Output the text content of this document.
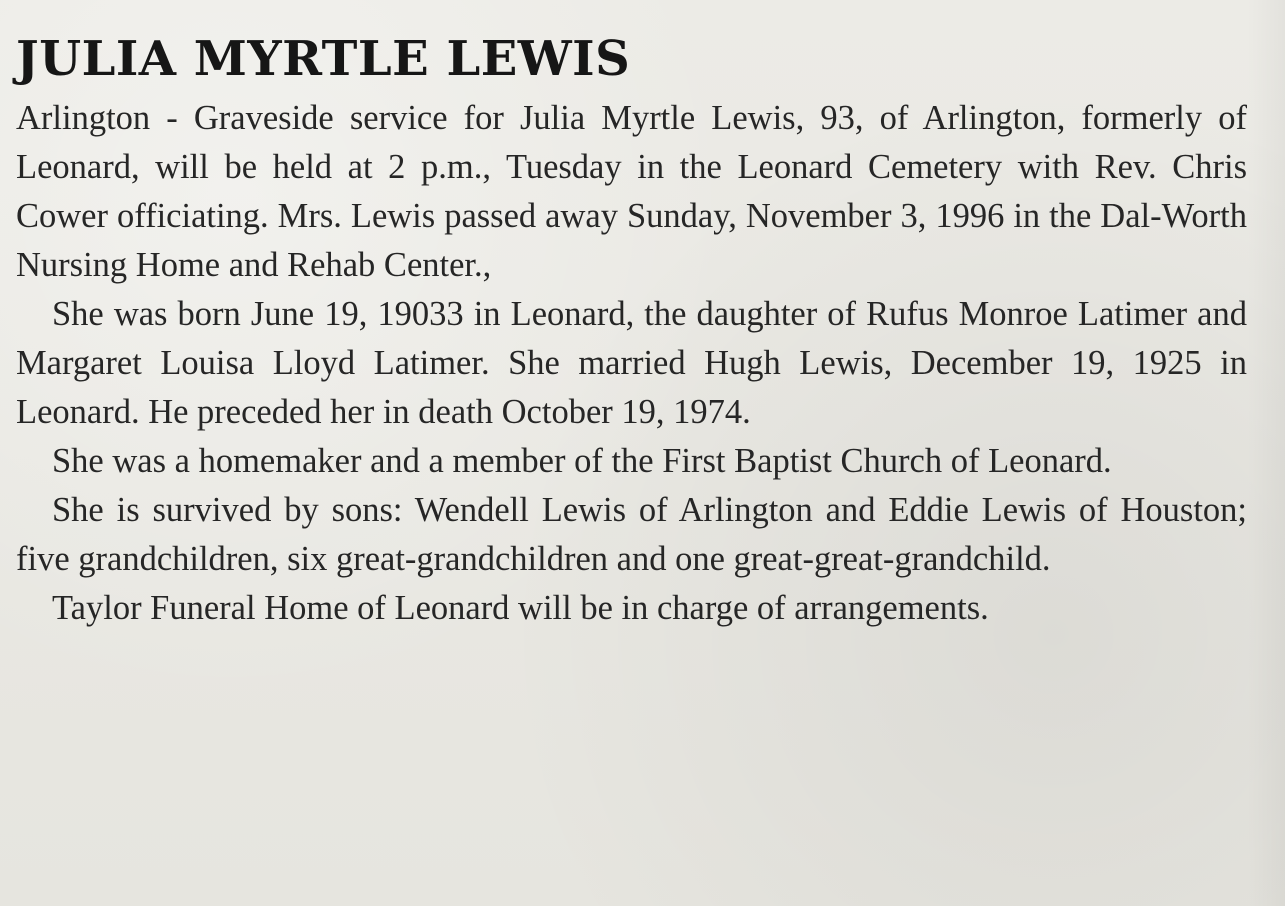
JULIA MYRTLE LEWIS

Arlington - Graveside service for Julia Myrtle Lewis, 93, of Arlington, formerly of Leonard, will be held at 2 p.m., Tuesday in the Leonard Cemetery with Rev. Chris Cower officiating. Mrs. Lewis passed away Sunday, November 3, 1996 in the Dal-Worth Nursing Home and Rehab Center.,

She was born June 19, 19033 in Leonard, the daughter of Rufus Monroe Latimer and Margaret Louisa Lloyd Latimer. She married Hugh Lewis, December 19, 1925 in Leonard. He preceded her in death October 19, 1974.

She was a homemaker and a member of the First Baptist Church of Leonard.

She is survived by sons: Wendell Lewis of Arlington and Eddie Lewis of Houston; five grandchildren, six great-grandchildren and one great-great-grandchild.

Taylor Funeral Home of Leonard will be in charge of arrangements.
